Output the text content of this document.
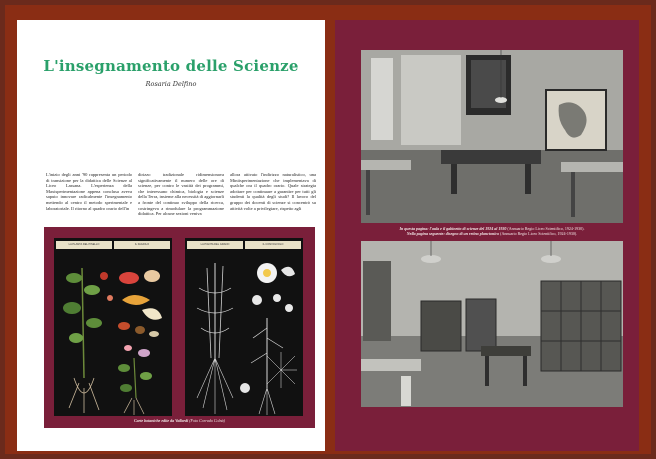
L'insegnamento delle Scienze
Rosaria Delfino

L'inizio degli anni '90 rappresenta un periodo di transizione per la didattica delle Scienze al Liceo Lassana. L'esperienza della Maxisperimentazione appena conclusa aveva saputo innovare radicalmente l'insegnamento mettendo al centro il metodo sperimentale e laboratoriale. Il ritorno al quadro orario dell'in

dirizzo tradizionale ridimensionava significativamente il numero delle ore di scienze, per contro le vastità dei programmi, che interessano chimica, biologia e scienze della Terra, insieme alla necessità di aggiornarli a fronte del continuo sviluppo della ricerca, costringeva a rimodulare la programmazione didattica. Per alcune sezioni veniva

allora attivato l'indirizzo naturalistico, una Miniisperimentazione che implementava di qualche ora il quadro orario. Quale strategia adottare per continuare a garantire per tutti gli studenti la qualità degli studi? Il lavoro del gruppo dei docenti di scienze si concentrò su attività volte a privilegiare, rispetto agli

LA PLANTA DEL PISELLO	IL FAGIOLO	LA PIANTA DEL GRANO	IL CONVOLVOLO
Carte botaniche edite da Vallardi (Foto Corrado Colnà)
In questa pagina: l'aula e il gabinetto di scienze del 1924 al 1930 (Annuario Regio Liceo Scientifico, 1924-1930).
Nella pagina seguente: disegno di un retino planctonico (Annuario Regio Liceo Scientifico, 1924-1930).
